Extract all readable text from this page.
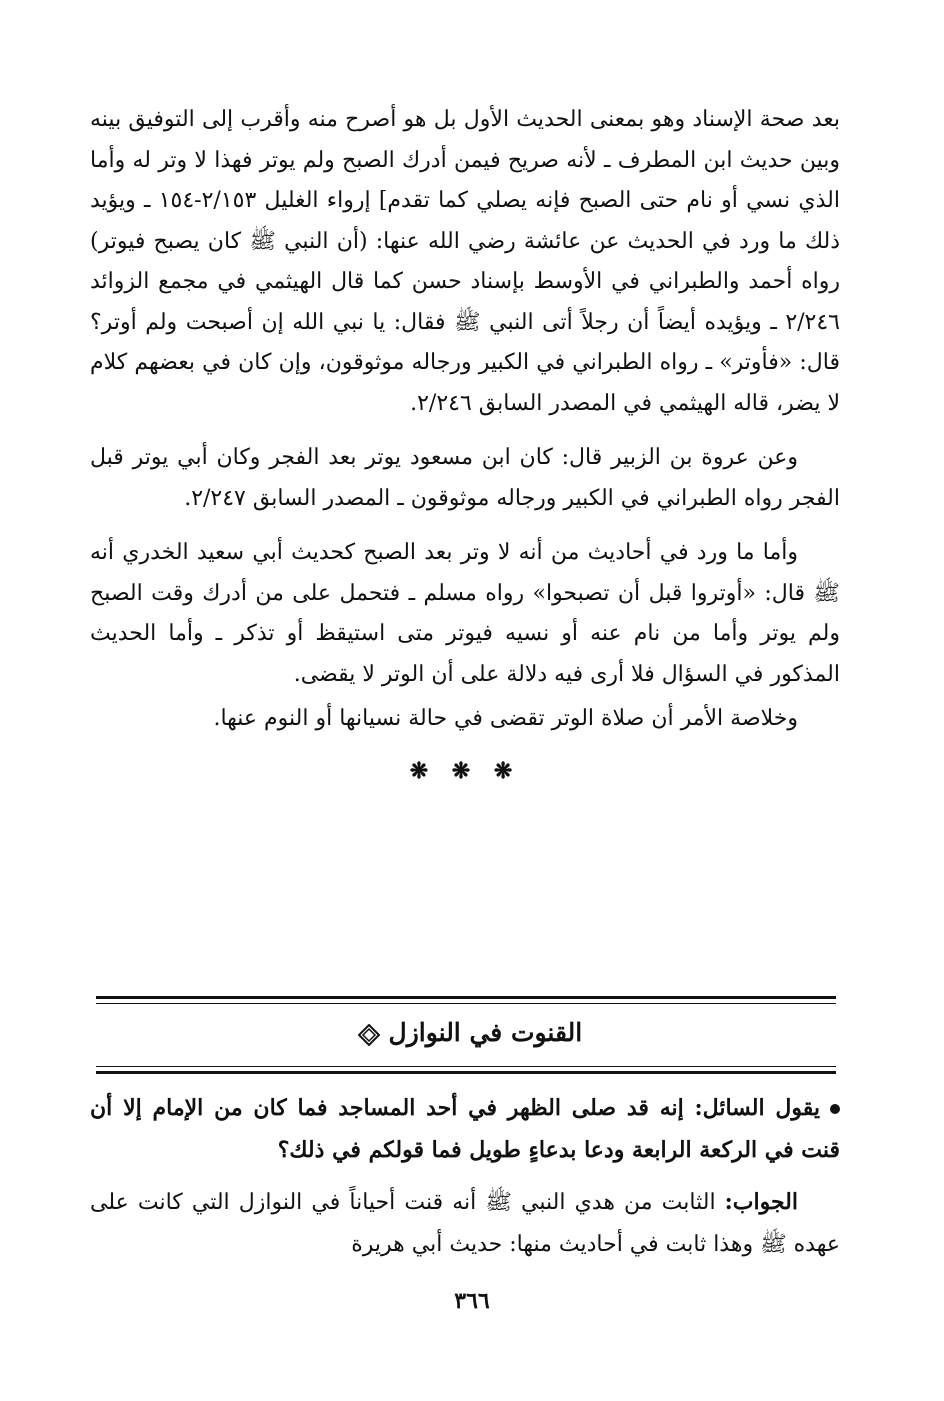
بعد صحة الإسناد وهو بمعنى الحديث الأول بل هو أصرح منه وأقرب إلى التوفيق بينه وبين حديث ابن المطرف ـ لأنه صريح فيمن أدرك الصبح ولم يوتر فهذا لا وتر له وأما الذي نسي أو نام حتى الصبح فإنه يصلي كما تقدم] إرواء الغليل ٢/١٥٣-١٥٤ ـ ويؤيد ذلك ما ورد في الحديث عن عائشة رضي الله عنها: (أن النبي ﷺ كان يصبح فيوتر) رواه أحمد والطبراني في الأوسط بإسناد حسن كما قال الهيثمي في مجمع الزوائد ٢/٢٤٦ ـ ويؤيده أيضاً أن رجلاً أتى النبي ﷺ فقال: يا نبي الله إن أصبحت ولم أوتر؟ قال: «فأوتر» ـ رواه الطبراني في الكبير ورجاله موثوقون، وإن كان في بعضهم كلام لا يضر، قاله الهيثمي في المصدر السابق ٢/٢٤٦.

وعن عروة بن الزبير قال: كان ابن مسعود يوتر بعد الفجر وكان أبي يوتر قبل الفجر رواه الطبراني في الكبير ورجاله موثوقون ـ المصدر السابق ٢/٢٤٧.

وأما ما ورد في أحاديث من أنه لا وتر بعد الصبح كحديث أبي سعيد الخدري أنه ﷺ قال: «أوتروا قبل أن تصبحوا» رواه مسلم ـ فتحمل على من أدرك وقت الصبح ولم يوتر وأما من نام عنه أو نسيه فيوتر متى استيقظ أو تذكر ـ وأما الحديث المذكور في السؤال فلا أرى فيه دلالة على أن الوتر لا يقضى.

وخلاصة الأمر أن صلاة الوتر تقضى في حالة نسيانها أو النوم عنها.

❋ ❋ ❋
القنوت في النوازل
يقول السائل: إنه قد صلى الظهر في أحد المساجد فما كان من الإمام إلا أن قنت في الركعة الرابعة ودعا بدعاءٍ طويل فما قولكم في ذلك؟
الجواب: الثابت من هدي النبي ﷺ أنه قنت أحياناً في النوازل التي كانت على عهده ﷺ وهذا ثابت في أحاديث منها: حديث أبي هريرة
٣٦٦
